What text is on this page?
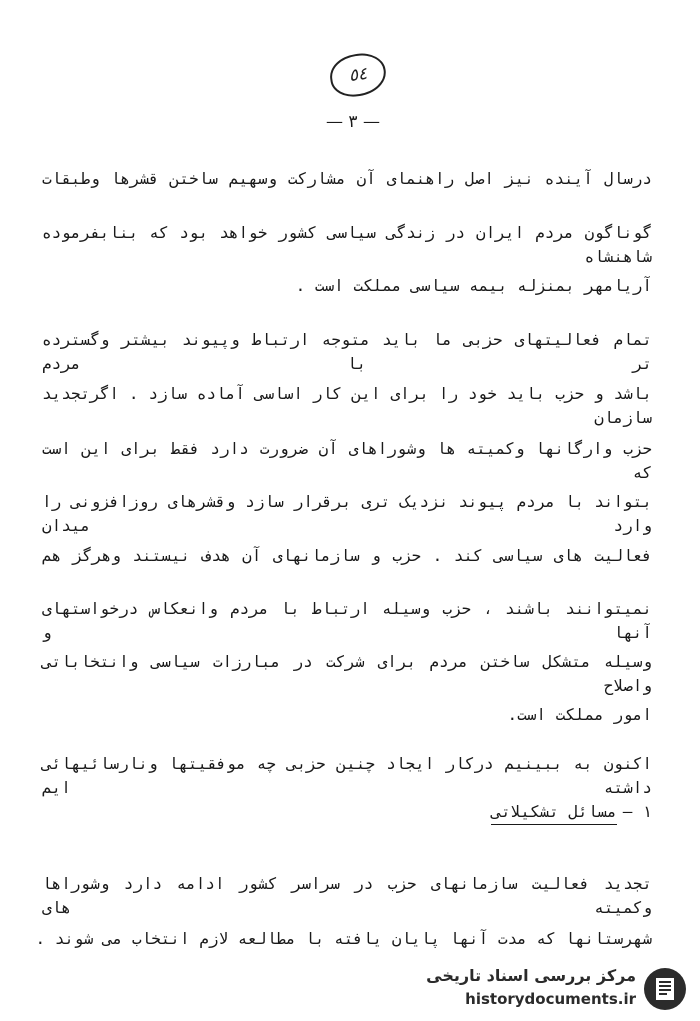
٥٤
— ٣ —
درسال آینده نیز اصل راهنمای آن مشارکت وسهیم ساختن قشرها وطبقات
گوناگون مردم ایران در زندگی سیاسی کشور خواهد بود که بنابفرموده شاهنشاه
آریامهر بمنزله بیمه سیاسی مملکت است .
تمام فعالیتهای حزبی ما باید متوجه ارتباط وپیوند بیشتر وگسترده تر با مردم
باشد و حزب باید خود را برای این کار اساسی آماده سازد . اگرتجدید سازمان
حزب وارگانها وکمیته ها وشوراهای آن ضرورت دارد فقط برای این است که
بتواند با مردم پیوند نزدیک تری برقرار سازد وقشرهای روزافزونی را وارد میدان
فعالیت های سیاسی کند . حزب و سازمانهای آن هدف نیستند وهرگز هم
نمیتوانند باشند ، حزب وسیله ارتباط با مردم وانعکاس درخواستهای آنها و
وسیله متشکل ساختن مردم برای شرکت در مبارزات سیاسی وانتخاباتی واصلاح
امور مملکت است.
اکنون به ببینیم درکار ایجاد چنین حزبی چه موفقیتها ونارسائیهائی داشته ایم
١—مسائل تشکیلاتی
تجدید فعالیت سازمانهای حزب در سراسر کشور ادامه دارد وشوراها وکمیته های
شهرستانها که مدت آنها پایان یافته با مطالعه لازم انتخاب می شوند .
مرکز بررسی اسناد تاریخی
historydocuments.ir
